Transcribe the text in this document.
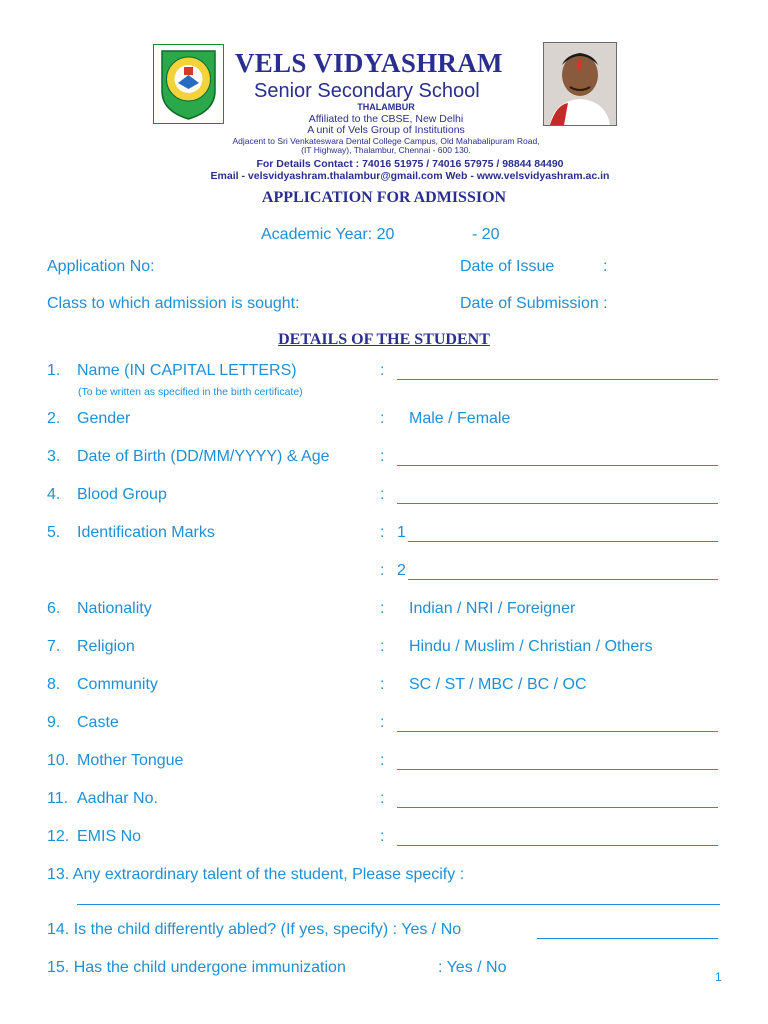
VELS VIDYASHRAM
Senior Secondary School
THALAMBUR
Affiliated to the CBSE, New Delhi
A unit of Vels Group of Institutions
Adjacent to Sri Venkateswara Dental College Campus, Old Mahabalipuram Road,
(IT Highway), Thalambur, Chennai - 600 130.
For Details Contact : 74016 51975 / 74016 57975 / 98844 84490
Email - velsvidyashram.thalambur@gmail.com Web - www.velsvidyashram.ac.in
APPLICATION FOR ADMISSION
Academic Year: 20	- 20
Application No:	Date of Issue	:
Class to which admission is sought:	Date of Submission :
DETAILS OF THE STUDENT
1. Name (IN CAPITAL LETTERS)	:
2. Gender	: Male / Female
3. Date of Birth (DD/MM/YYYY) & Age	:
4. Blood Group	:
5. Identification Marks	: 1
: 2
6. Nationality	: Indian / NRI / Foreigner
7. Religion	: Hindu / Muslim / Christian / Others
8. Community	: SC / ST / MBC / BC / OC
9. Caste	:
10. Mother Tongue	:
11. Aadhar No.	:
12. EMIS No	:
(To be written as specified in the birth certificate)
13. Any extraordinary talent of the student, Please specify :
14. Is the child differently abled? (If yes, specify) : Yes / No
15. Has the child undergone immunization	: Yes / No
1
